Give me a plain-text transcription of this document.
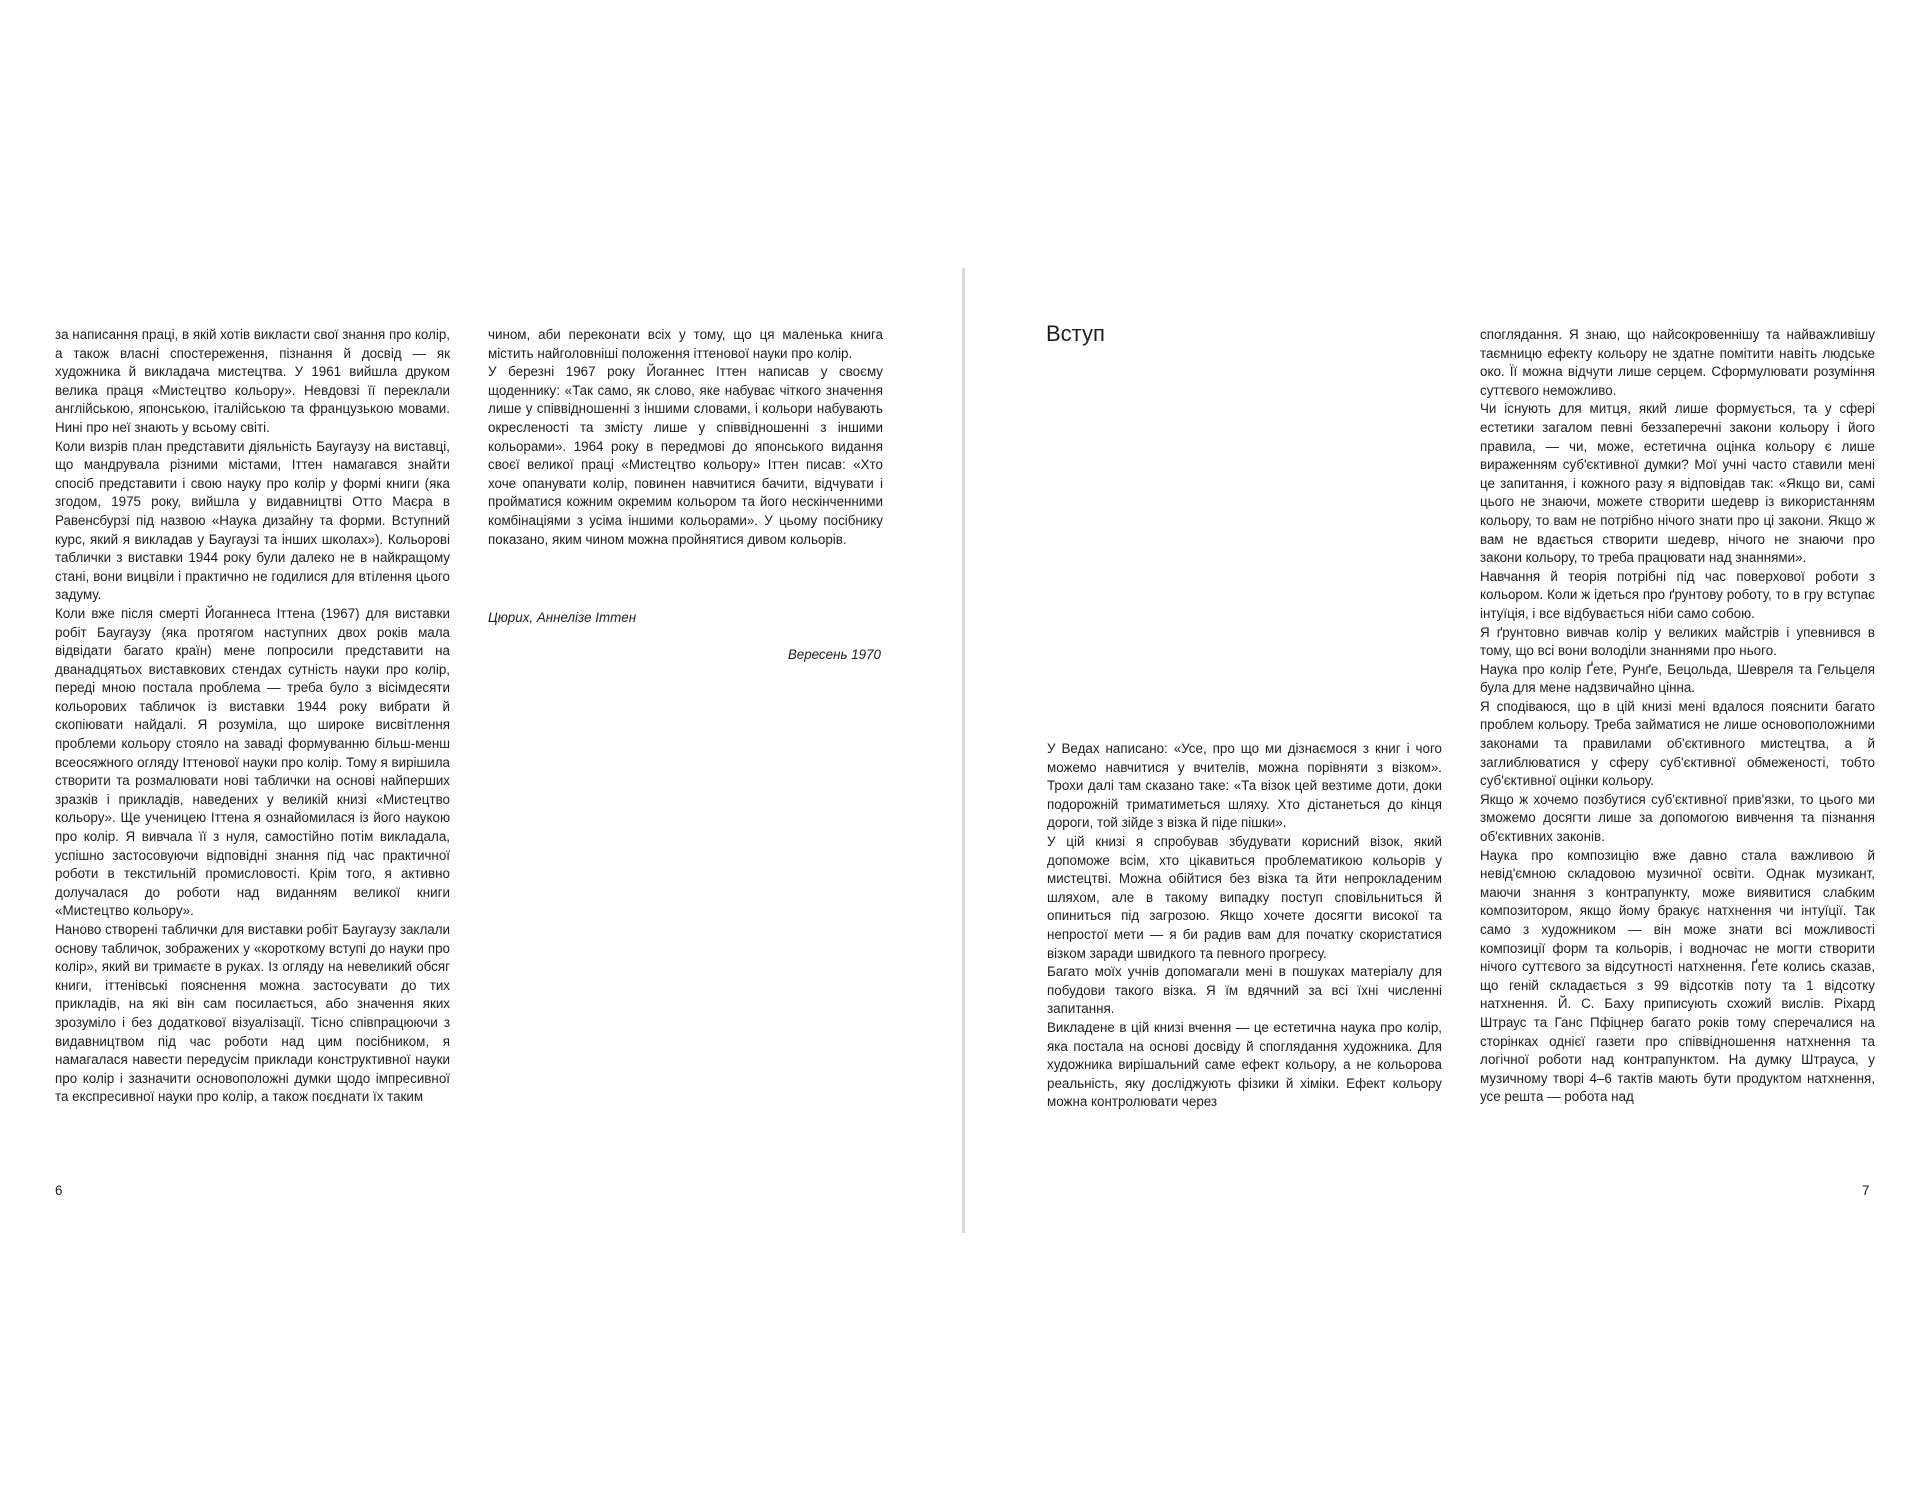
за написання праці, в якій хотів викласти свої знання про колір, а також власні спостереження, пізнання й досвід — як художника й викладача мистецтва. У 1961 вийшла друком велика праця «Мистецтво кольору». Невдовзі її переклали англійською, японською, італійською та французькою мовами. Нині про неї знають у всьому світі.

Коли визрів план представити діяльність Баугаузу на виставці, що мандрувала різними містами, Іттен намагався знайти спосіб представити і свою науку про колір у формі книги (яка згодом, 1975 року, вийшла у видавництві Отто Маєра в Равенсбурзі під назвою «Наука дизайну та форми. Вступний курс, який я викладав у Баугаузі та інших школах»). Кольорові таблички з виставки 1944 року були далеко не в найкращому стані, вони вицвіли і практично не годилися для втілення цього задуму.

Коли вже після смерті Йоганнеса Іттена (1967) для виставки робіт Баугаузу (яка протягом наступних двох років мала відвідати багато країн) мене попросили представити на дванадцятьох виставкових стендах сутність науки про колір, переді мною постала проблема — треба було з вісімдесяти кольорових табличок із виставки 1944 року вибрати й скопіювати найдалі. Я розуміла, що широке висвітлення проблеми кольору стояло на заваді формуванню більш-менш всеосяжного огляду Іттенової науки про колір. Тому я вирішила створити та розмалювати нові таблички на основі найперших зразків і прикладів, наведених у великій книзі «Мистецтво кольору». Ще ученицею Іттена я ознайомилася із його наукою про колір. Я вивчала її з нуля, самостійно потім викладала, успішно застосовуючи відповідні знання під час практичної роботи в текстильній промисловості. Крім того, я активно долучалася до роботи над виданням великої книги «Мистецтво кольору».

Наново створені таблички для виставки робіт Баугаузу заклали основу табличок, зображених у «короткому вступі до науки про колір», який ви тримаєте в руках. Із огляду на невеликий обсяг книги, іттенівські пояснення можна застосувати до тих прикладів, на які він сам посилається, або значення яких зрозуміло і без додаткової візуалізації. Тісно співпрацюючи з видавництвом під час роботи над цим посібником, я намагалася навести передусім приклади конструктивної науки про колір і зазначити основоположні думки щодо імпресивної та експресивної науки про колір, а також поєднати їх таким

чином, аби переконати всіх у тому, що ця маленька книга містить найголовніші положення іттенової науки про колір.

У березні 1967 року Йоганнес Іттен написав у своєму щоденнику: «Так само, як слово, яке набуває чіткого значення лише у співвідношенні з іншими словами, і кольори набувають окресленості та змісту лише у співвідношенні з іншими кольорами». 1964 року в передмові до японського видання своєї великої праці «Мистецтво кольору» Іттен писав: «Хто хоче опанувати колір, повинен навчитися бачити, відчувати і пройматися кожним окремим кольором та його нескінченними комбінаціями з усіма іншими кольорами». У цьому посібнику показано, яким чином можна пройнятися дивом кольорів.

Цюрих, Аннелізе Іттен
Вересень 1970
6
Вступ

У Ведах написано: «Усе, про що ми дізнаємося з книг і чого можемо навчитися у вчителів, можна порівняти з візком». Трохи далі там сказано таке: «Та візок цей везтиме доти, доки подорожній триматиметься шляху. Хто дістанеться до кінця дороги, той зійде з візка й піде пішки».

У цій книзі я спробував збудувати корисний візок, який допоможе всім, хто цікавиться проблематикою кольорів у мистецтві. Можна обійтися без візка та йти непрокладеним шляхом, але в такому випадку поступ сповільниться й опиниться під загрозою. Якщо хочете досягти високої та непростої мети — я би радив вам для початку скористатися візком заради швидкого та певного прогресу.

Багато моїх учнів допомагали мені в пошуках матеріалу для побудови такого візка. Я їм вдячний за всі їхні численні запитання.

Викладене в цій книзі вчення — це естетична наука про колір, яка постала на основі досвіду й споглядання художника. Для художника вирішальний саме ефект кольору, а не кольорова реальність, яку досліджують фізики й хіміки. Ефект кольору можна контролювати через

споглядання. Я знаю, що найсокровеннішу та найважливішу таємницю ефекту кольору не здатне помітити навіть людське око. Її можна відчути лише серцем. Сформулювати розуміння суттєвого неможливо.

Чи існують для митця, який лише формується, та у сфері естетики загалом певні беззаперечні закони кольору і його правила, — чи, може, естетична оцінка кольору є лише вираженням суб'єктивної думки? Мої учні часто ставили мені це запитання, і кожного разу я відповідав так: «Якщо ви, самі цього не знаючи, можете створити шедевр із використанням кольору, то вам не потрібно нічого знати про ці закони. Якщо ж вам не вдається створити шедевр, нічого не знаючи про закони кольору, то треба працювати над знаннями».

Навчання й теорія потрібні під час поверхової роботи з кольором. Коли ж ідеться про ґрунтову роботу, то в гру вступає інтуїція, і все відбувається ніби само собою.

Я ґрунтовно вивчав колір у великих майстрів і упевнився в тому, що всі вони володіли знаннями про нього.

Наука про колір Ґете, Рунґе, Бецольда, Шевреля та Гельцеля була для мене надзвичайно цінна.

Я сподіваюся, що в цій книзі мені вдалося пояснити багато проблем кольору. Треба займатися не лише основоположними законами та правилами об'єктивного мистецтва, а й заглиблюватися у сферу суб'єктивної обмеженості, тобто суб'єктивної оцінки кольору.

Якщо ж хочемо позбутися суб'єктивної прив'язки, то цього ми зможемо досягти лише за допомогою вивчення та пізнання об'єктивних законів.

Наука про композицію вже давно стала важливою й невід'ємною складовою музичної освіти. Однак музикант, маючи знання з контрапункту, може виявитися слабким композитором, якщо йому бракує натхнення чи інтуїції. Так само з художником — він може знати всі можливості композиції форм та кольорів, і водночас не могти створити нічого суттєвого за відсутності натхнення. Ґете колись сказав, що геній складається з 99 відсотків поту та 1 відсотку натхнення. Й. С. Баху приписують схожий вислів. Ріхард Штраус та Ганс Пфіцнер багато років тому сперечалися на сторінках однієї газети про співвідношення натхнення та логічної роботи над контрапунктом. На думку Штрауса, у музичному творі 4–6 тактів мають бути продуктом натхнення, усе решта — робота над

7
